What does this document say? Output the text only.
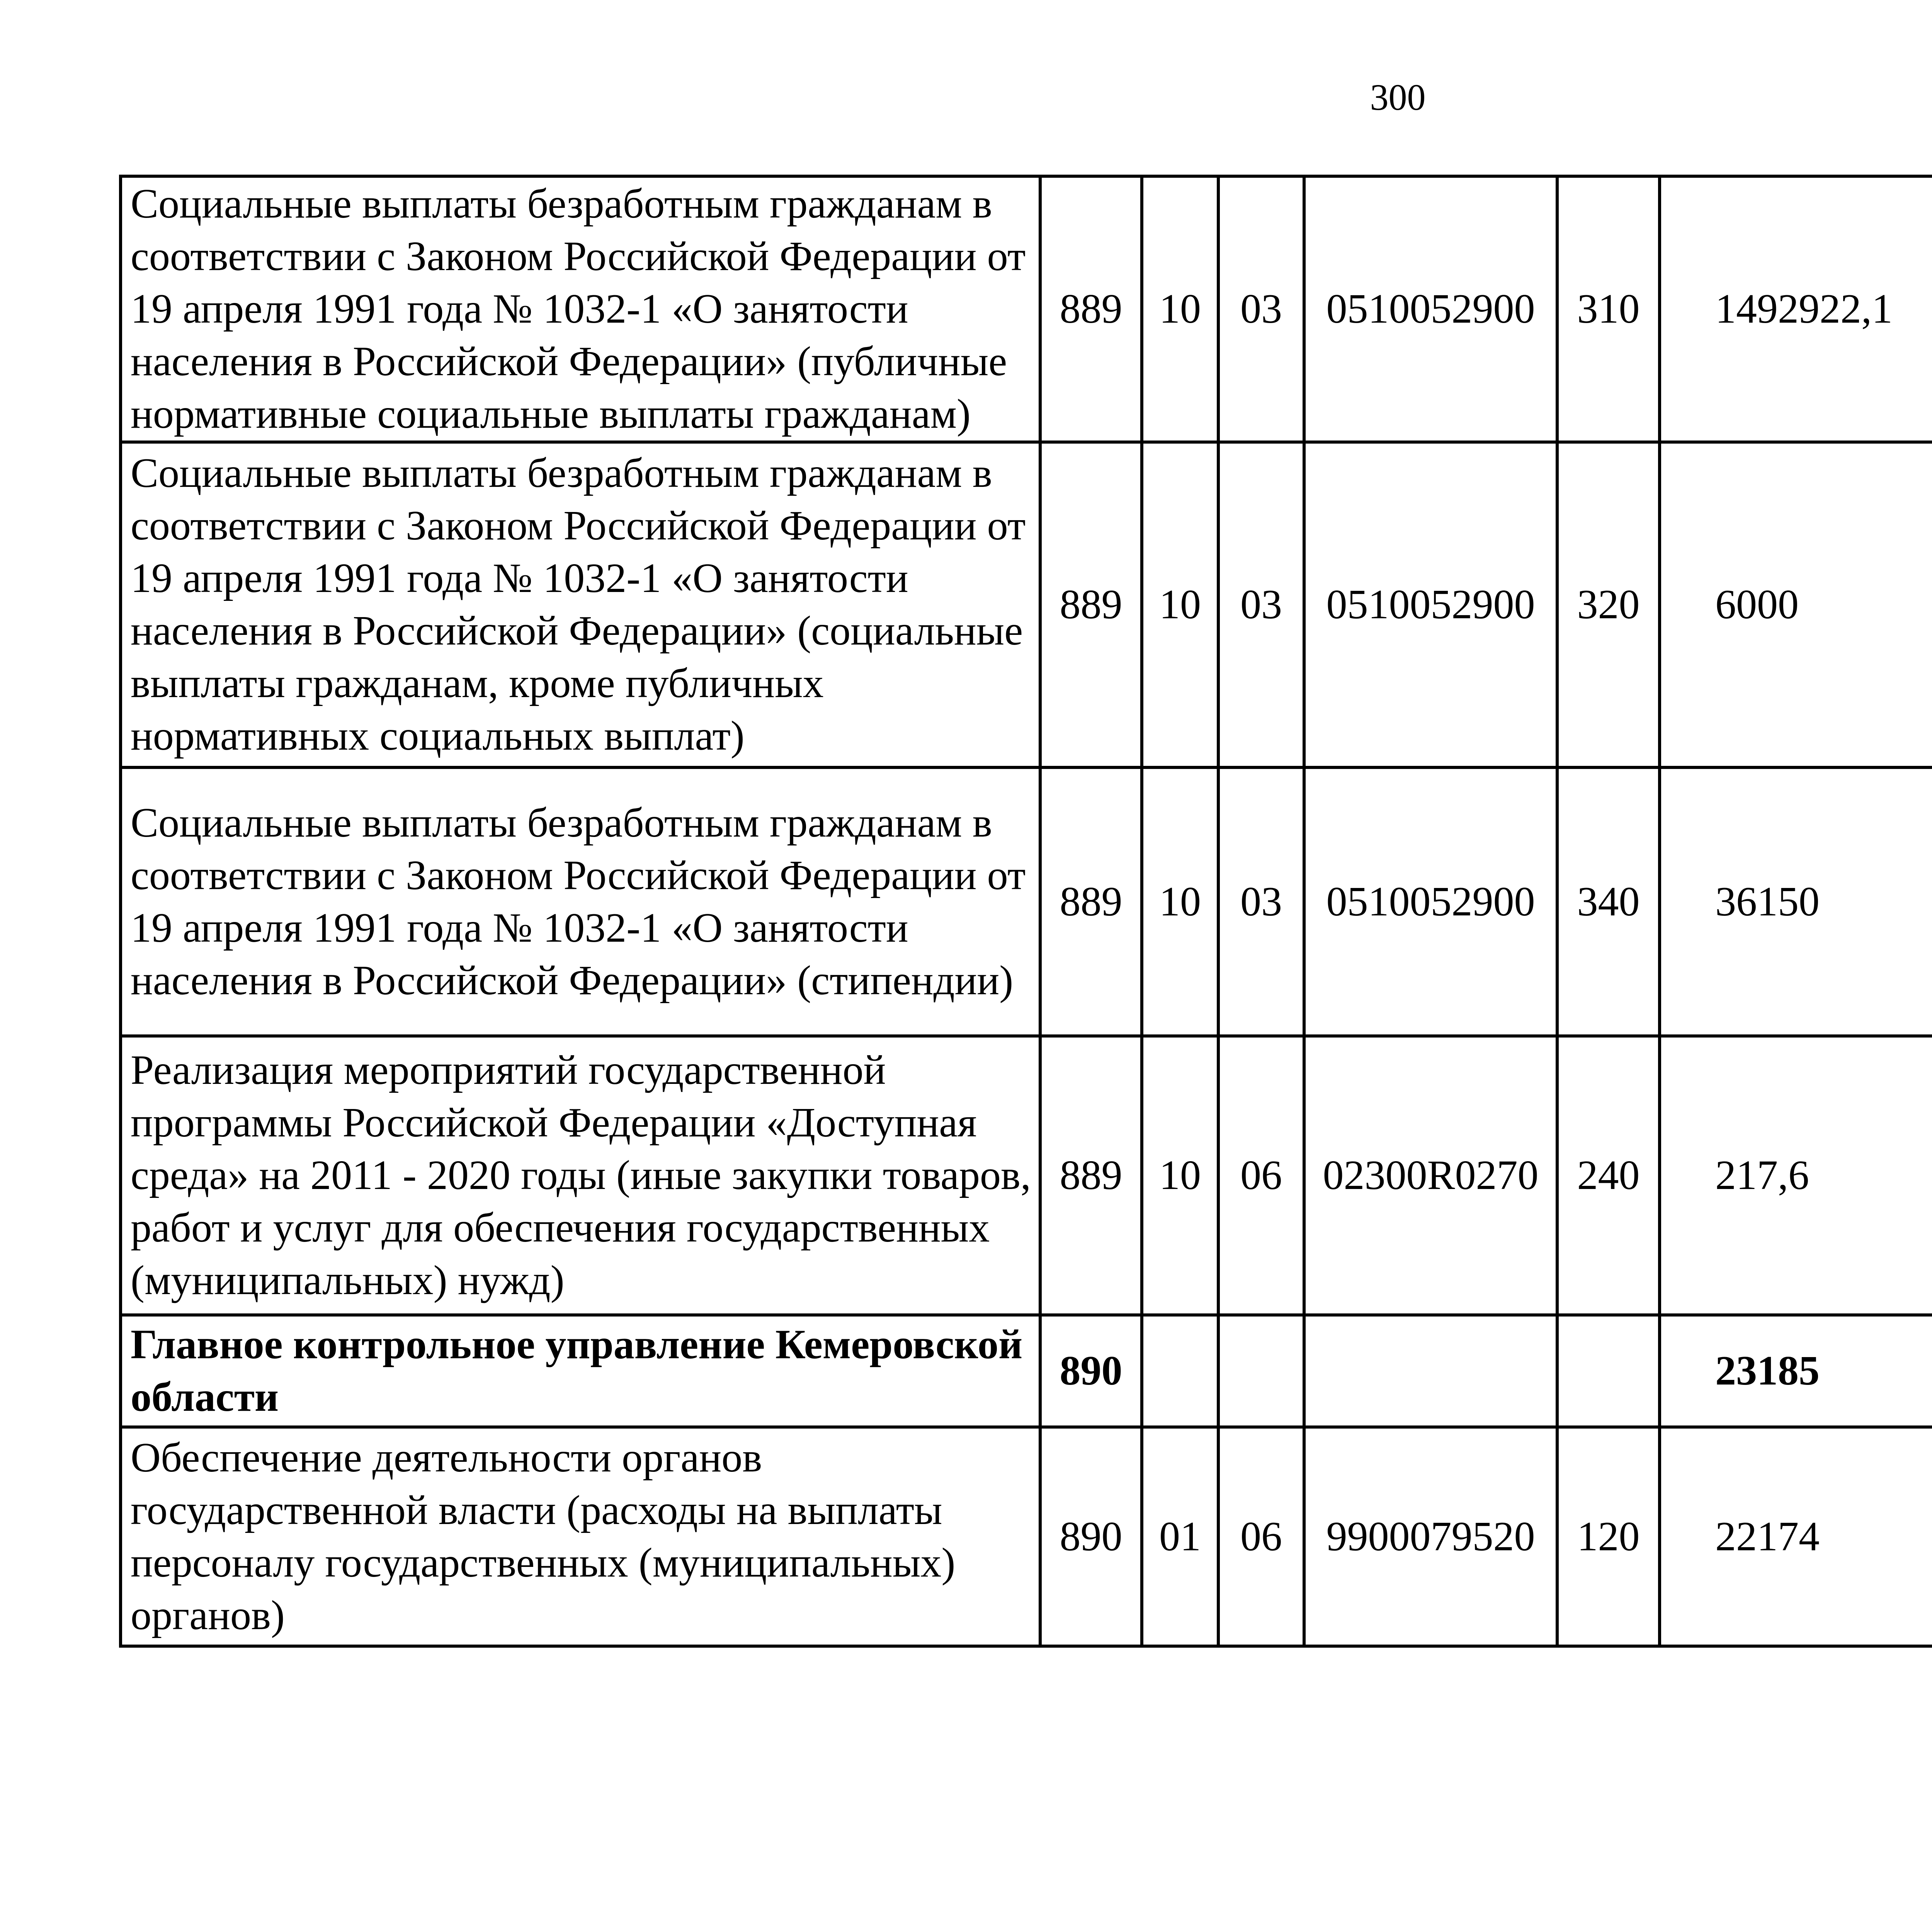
300
Социальные выплаты безработным гражданам в соответствии с Законом Российской Федерации от 19 апреля 1991 года № 1032-1 «О занятости населения в Российской Федерации» (публичные нормативные социальные выплаты гражданам)	889	10	03	0510052900	310	1492922,1		
Социальные выплаты безработным гражданам в соответствии с Законом Российской Федерации от 19 апреля 1991 года № 1032-1 «О занятости населения в Российской Федерации» (социальные выплаты гражданам, кроме публичных нормативных социальных выплат)	889	10	03	0510052900	320	6000		
Социальные выплаты безработным гражданам в соответствии с Законом Российской Федерации от 19 апреля 1991 года № 1032-1 «О занятости населения в Российской Федерации» (стипендии)	889	10	03	0510052900	340	36150		
Реализация мероприятий государственной программы Российской Федерации «Доступная среда» на 2011 - 2020 годы (иные закупки товаров, работ и услуг для обеспечения государственных (муниципальных) нужд)	889	10	06	02300R0270	240	217,6		
Главное контрольное управление Кемеровской области	890					23185		
Обеспечение деятельности органов государственной власти (расходы на выплаты персоналу государственных (муниципальных) органов)	890	01	06	9900079520	120	22174		
